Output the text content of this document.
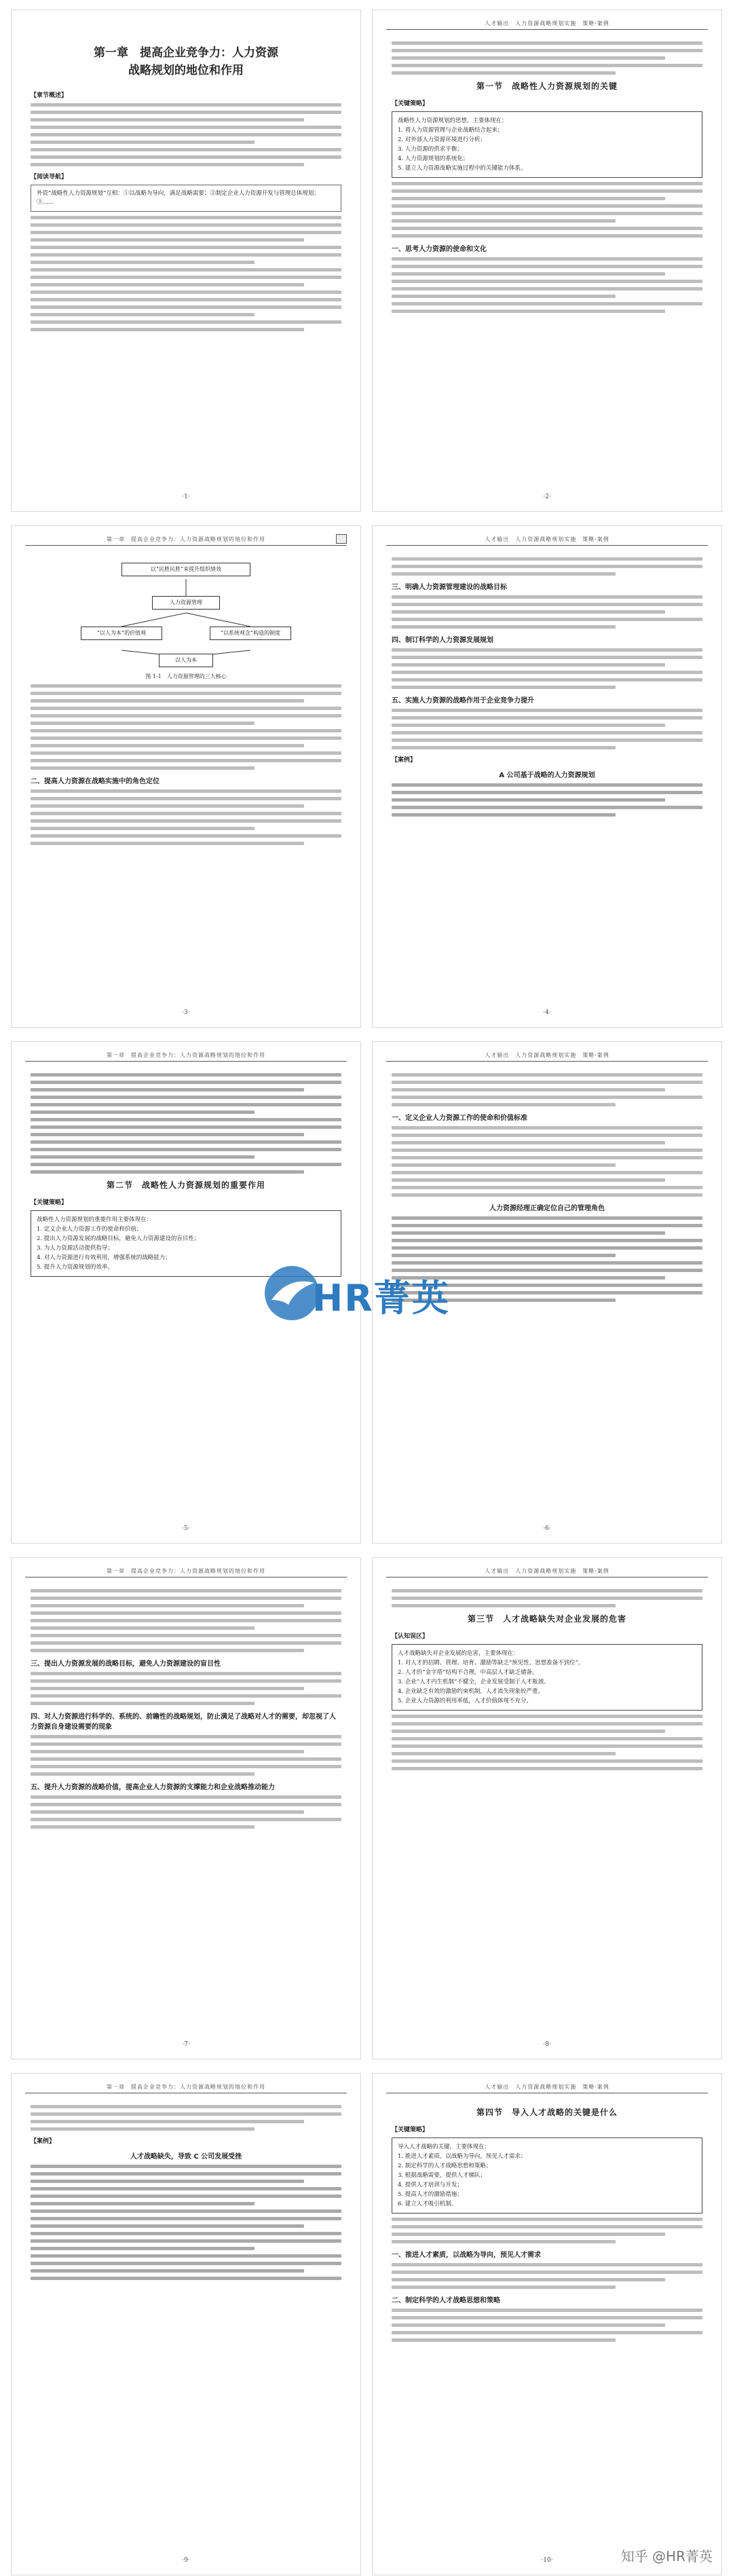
第一章　提高企业竞争力：人力资源
战略规划的地位和作用
【章节概述】
【阅读导航】
外资“战略性人力资源规划”互相：①以战略为导向，满足战略需要；②制定企业人力资源开发与管理总体规划；③……
·1·
人才输出　人力资源战略规划实施　策略·案例
第一节　战略性人力资源规划的关键
【关键策略】
战略性人力资源规划的思想，主要体现在：
1. 将人力资源管理与企业战略结合起来；
2. 对外部人力资源环境进行分析；
3. 人力资源的供求平衡；
4. 人力资源规划的系统化；
5. 建立人力资源战略实施过程中的关键能力体系。
一、思考人力资源的使命和文化
·2·
第一章　提高企业竞争力：人力资源战略规划的地位和作用
以“民胜民胜”来提升组织绩效
人力资源管理
“以人为本”的价值观	“以系统观念”构造的制度
以人为本
图 1-1　人力资源管理的三大核心
二、提高人力资源在战略实施中的角色定位
·3·
人才输出　人力资源战略规划实施　策略·案例
三、明确人力资源管理建设的战略目标
四、制订科学的人力资源发展规划
五、实施人力资源的战略作用于企业竞争力提升
【案例】
A 公司基于战略的人力资源规划
·4·
第一章　提高企业竞争力：人力资源战略规划的地位和作用
第二节　战略性人力资源规划的重要作用
【关键策略】
战略性人力资源规划的重要作用主要体现在：
1. 定义企业人力资源工作的使命和价值；
2. 提出人力资源发展的战略目标，避免人力资源建设的盲目性；
3. 为人力资源活动提供指导；
4. 对人力资源进行有效利用，增强系统的战略能力；
5. 提升人力资源规划的效率。
·5·
人才输出　人力资源战略规划实施　策略·案例
一、定义企业人力资源工作的使命和价值标准
人力资源经理正确定位自己的管理角色
·6·
第一章　提高企业竞争力：人力资源战略规划的地位和作用
三、提出人力资源发展的战略目标，避免人力资源建设的盲目性
四、对人力资源进行科学的、系统的、前瞻性的战略规划，防止满足了战略对人才的需要，却忽视了人力资源自身建设需要的现象
五、提升人力资源的战略价值，提高企业人力资源的支撑能力和企业战略推动能力
·7·
人才输出　人力资源战略规划实施　策略·案例
第三节　人才战略缺失对企业发展的危害
【认知误区】
人才战略缺失对企业发展的危害，主要体现在：
1. 对人才的招聘、管理、培育、激励等缺乏“预见性，思想准备不到位”。
2. 人才的“金字塔”结构不合理，中高层人才缺乏储备。
3. 企业“人才内生机制”不健全，企业发展受制于人才瓶颈。
4. 企业缺乏有效的激励约束机制，人才流失现象较严重。
5. 企业人力资源的利用率低，人才价值体现不充分。
·8·
第一章　提高企业竞争力：人力资源战略规划的地位和作用
【案例】
人才战略缺失，导致 C 公司发展受挫
·9·
人才输出　人力资源战略规划实施　策略·案例
第四节　导入人才战略的关键是什么
【关键策略】
导入人才战略的关键，主要体现在：
1. 推进人才素质，以战略为导向，预见人才需求；
2. 制定科学的人才战略思想和策略；
3. 根据战略需要，提供人才梯队；
4. 提供人才培训与开发；
5. 提高人才的激励措施；
6. 建立人才吸引机制。
一、推进人才素质，以战略为导向，预见人才需求
二、制定科学的人才战略思想和策略
·10·
HR菁英
知乎 @HR菁英
